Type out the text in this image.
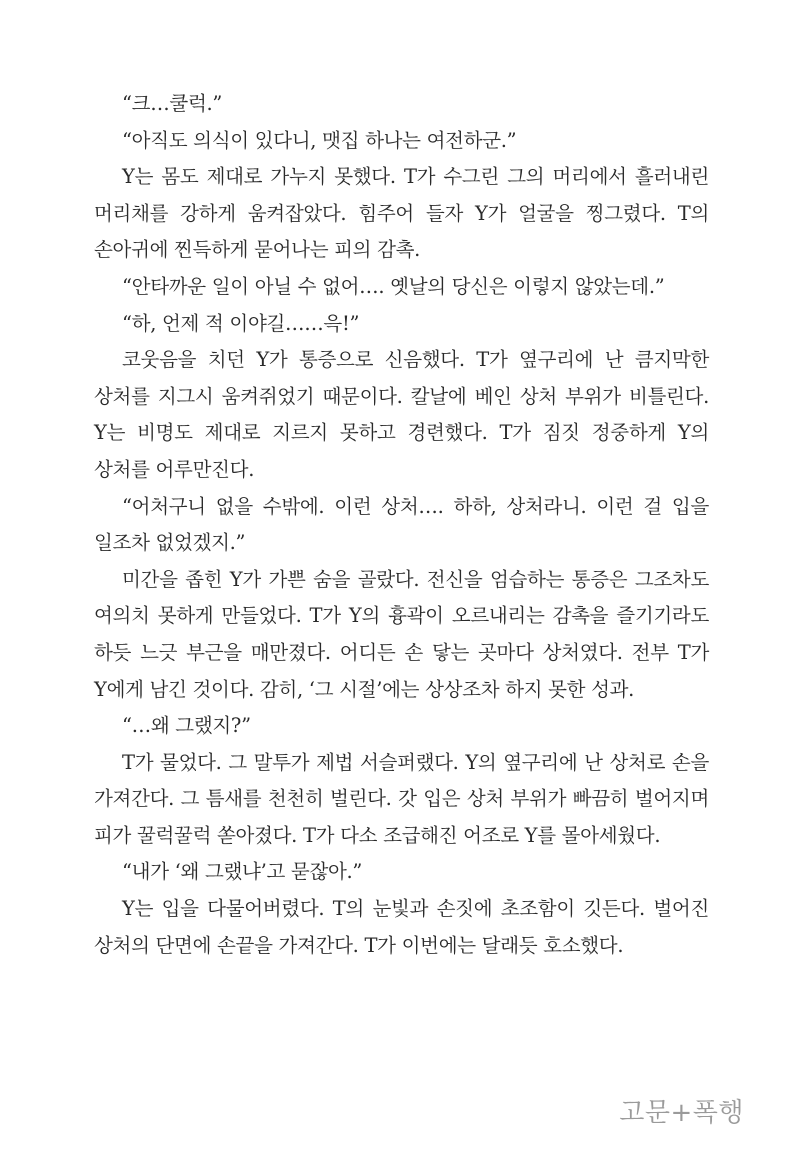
“크…쿨럭.”

“아직도 의식이 있다니, 맷집 하나는 여전하군.”

Y는 몸도 제대로 가누지 못했다. T가 수그린 그의 머리에서 흘러내린 머리채를 강하게 움켜잡았다. 힘주어 들자 Y가 얼굴을 찡그렸다. T의 손아귀에 찐득하게 묻어나는 피의 감촉.

“안타까운 일이 아닐 수 없어…. 옛날의 당신은 이렇지 않았는데.”

“하, 언제 적 이야길……윽!”

코웃음을 치던 Y가 통증으로 신음했다. T가 옆구리에 난 큼지막한 상처를 지그시 움켜쥐었기 때문이다. 칼날에 베인 상처 부위가 비틀린다. Y는 비명도 제대로 지르지 못하고 경련했다. T가 짐짓 정중하게 Y의 상처를 어루만진다.

“어처구니 없을 수밖에. 이런 상처…. 하하, 상처라니. 이런 걸 입을 일조차 없었겠지.”

미간을 좁힌 Y가 가쁜 숨을 골랐다. 전신을 엄습하는 통증은 그조차도 여의치 못하게 만들었다. T가 Y의 흉곽이 오르내리는 감촉을 즐기기라도 하듯 느긋 부근을 매만졌다. 어디든 손 닿는 곳마다 상처였다. 전부 T가 Y에게 남긴 것이다. 감히, ‘그 시절’에는 상상조차 하지 못한 성과.

“…왜 그랬지?”

T가 물었다. 그 말투가 제법 서슬퍼랬다. Y의 옆구리에 난 상처로 손을 가져간다. 그 틈새를 천천히 벌린다. 갓 입은 상처 부위가 빠끔히 벌어지며 피가 꿀럭꿀럭 쏟아졌다. T가 다소 조급해진 어조로 Y를 몰아세웠다.

“내가 ‘왜 그랬냐’고 묻잖아.”

Y는 입을 다물어버렸다. T의 눈빛과 손짓에 초조함이 깃든다. 벌어진 상처의 단면에 손끝을 가져간다. T가 이번에는 달래듯 호소했다.

고문+폭행
